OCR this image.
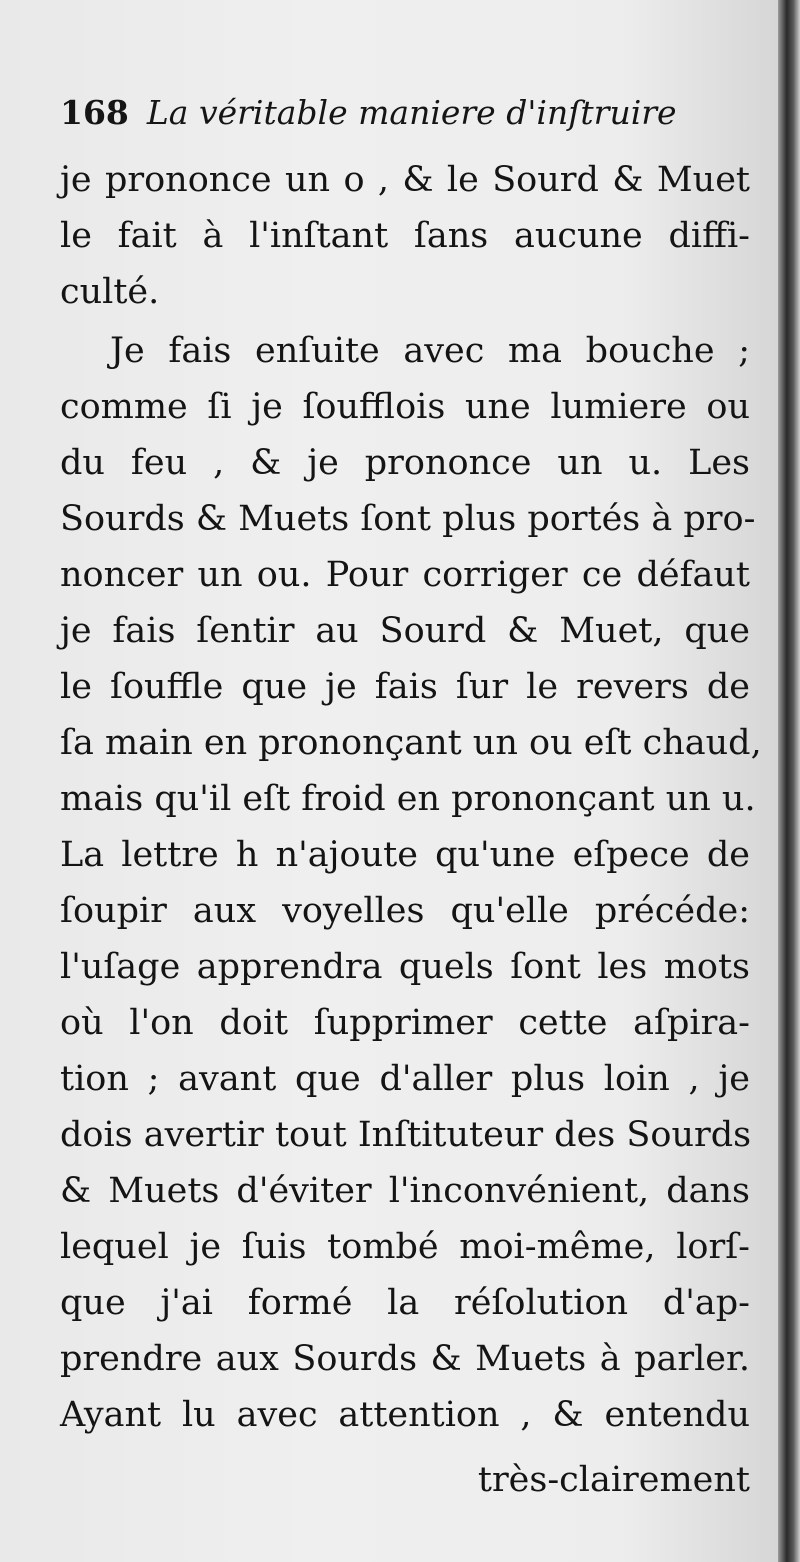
168 La véritable maniere d'inſtruire
je prononce un o , & le Sourd & Muet
le fait à l'inſtant ſans aucune diffi-
culté.
Je fais enſuite avec ma bouche ;
comme ſi je ſoufflois une lumiere ou
du feu , & je prononce un u. Les
Sourds & Muets ſont plus portés à pro-
noncer un ou. Pour corriger ce défaut
je fais ſentir au Sourd & Muet, que
le ſouffle que je fais ſur le revers de
ſa main en prononçant un ou eſt chaud,
mais qu'il eſt froid en prononçant un u.
La lettre h n'ajoute qu'une eſpece de
ſoupir aux voyelles qu'elle précéde:
l'uſage apprendra quels ſont les mots
où l'on doit ſupprimer cette aſpira-
tion ; avant que d'aller plus loin , je
dois avertir tout Inſtituteur des Sourds
& Muets d'éviter l'inconvénient, dans
lequel je ſuis tombé moi-même, lorſ-
que j'ai formé la réſolution d'ap-
prendre aux Sourds & Muets à parler.
Ayant lu avec attention , & entendu
très-clairement
